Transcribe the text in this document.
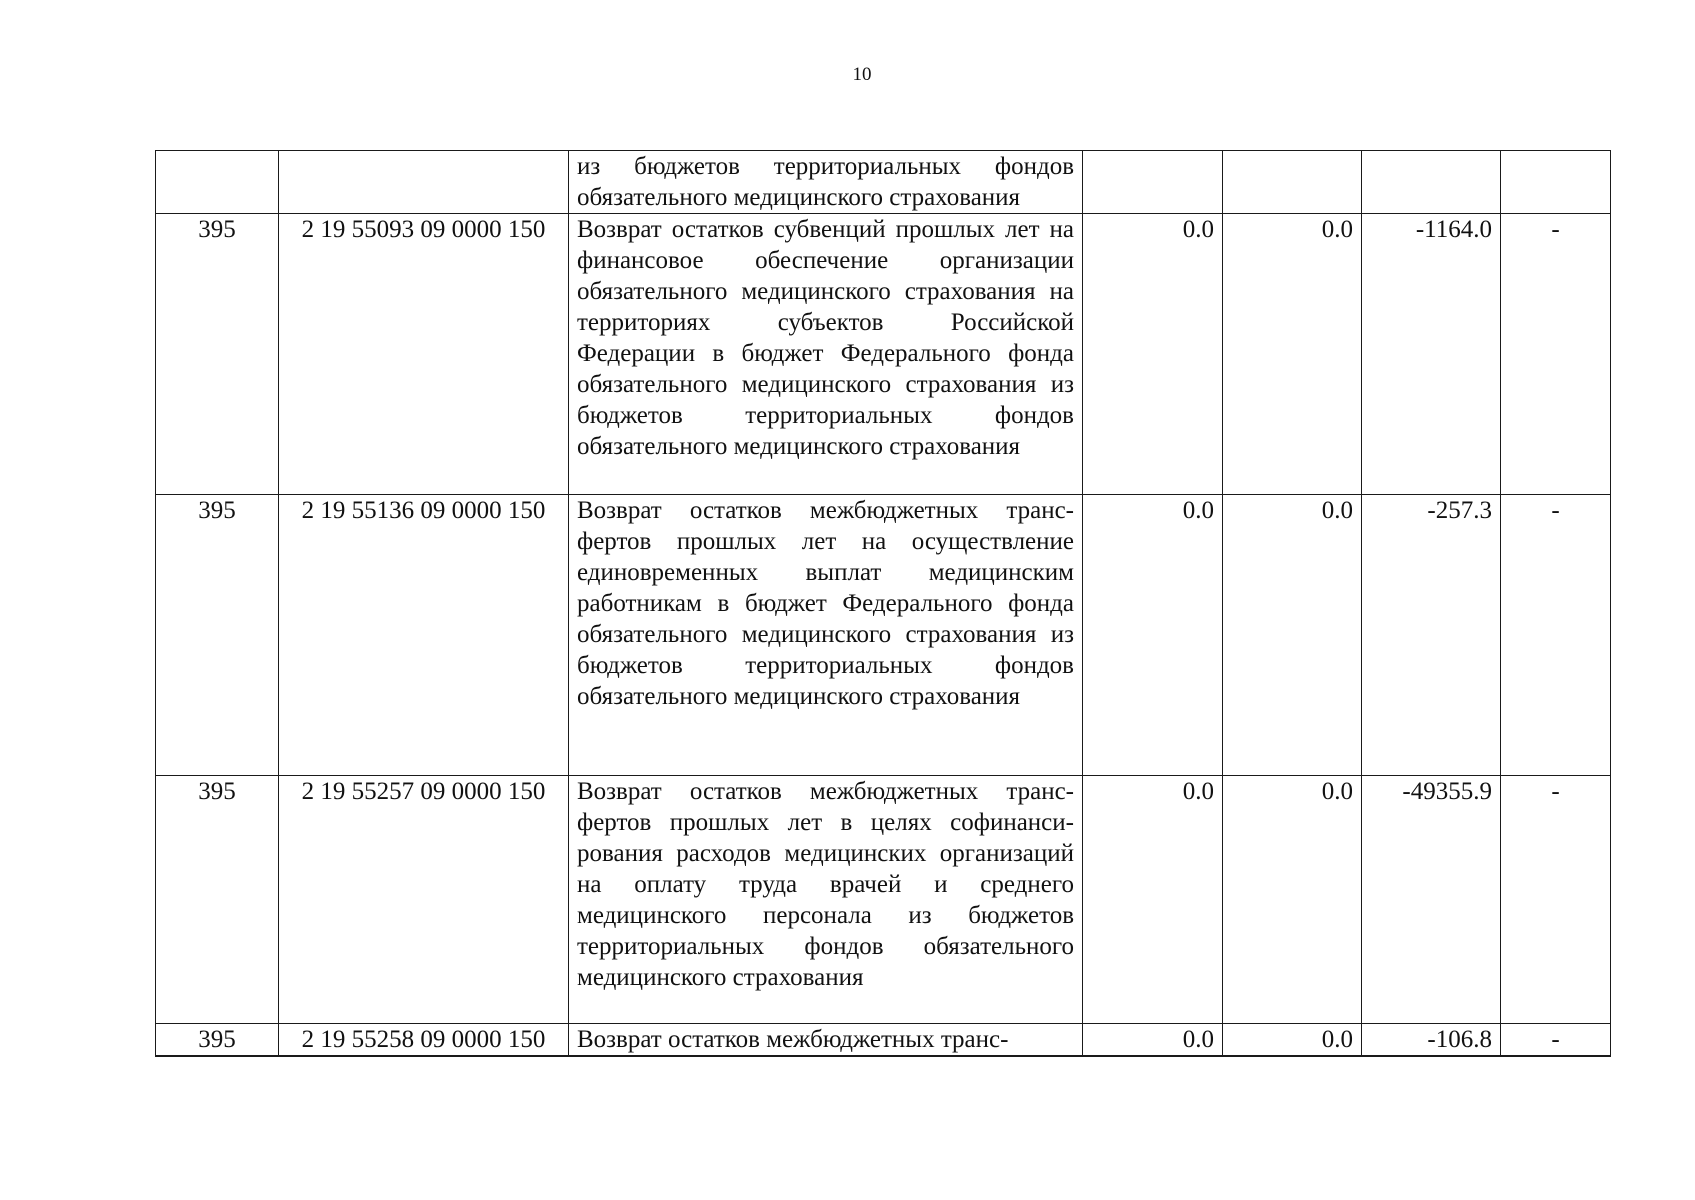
10
		из бюджетов территориальных фондов обязательного медицинского страхования				
395	2 19 55093 09 0000 150	Возврат остатков субвенций прошлых лет на финансовое обеспечение организации обязательного медицинского страхования на территориях субъектов Российской Федерации в бюджет Федерального фонда обязательного медицинского страхования из бюджетов территориальных фондов обязательного медицинского страхования	0.0	0.0	-1164.0	-
395	2 19 55136 09 0000 150	Возврат остатков межбюджетных трансфертов прошлых лет на осуществление единовременных выплат медицинским работникам в бюджет Федерального фонда обязательного медицинского страхования из бюджетов территориальных фондов обязательного медицинского страхования	0.0	0.0	-257.3	-
395	2 19 55257 09 0000 150	Возврат остатков межбюджетных трансфертов прошлых лет в целях софинансирования расходов медицинских организаций на оплату труда врачей и среднего медицинского персонала из бюджетов территориальных фондов обязательного медицинского страхования	0.0	0.0	-49355.9	-
395	2 19 55258 09 0000 150	Возврат остатков межбюджетных транс-	0.0	0.0	-106.8	-
